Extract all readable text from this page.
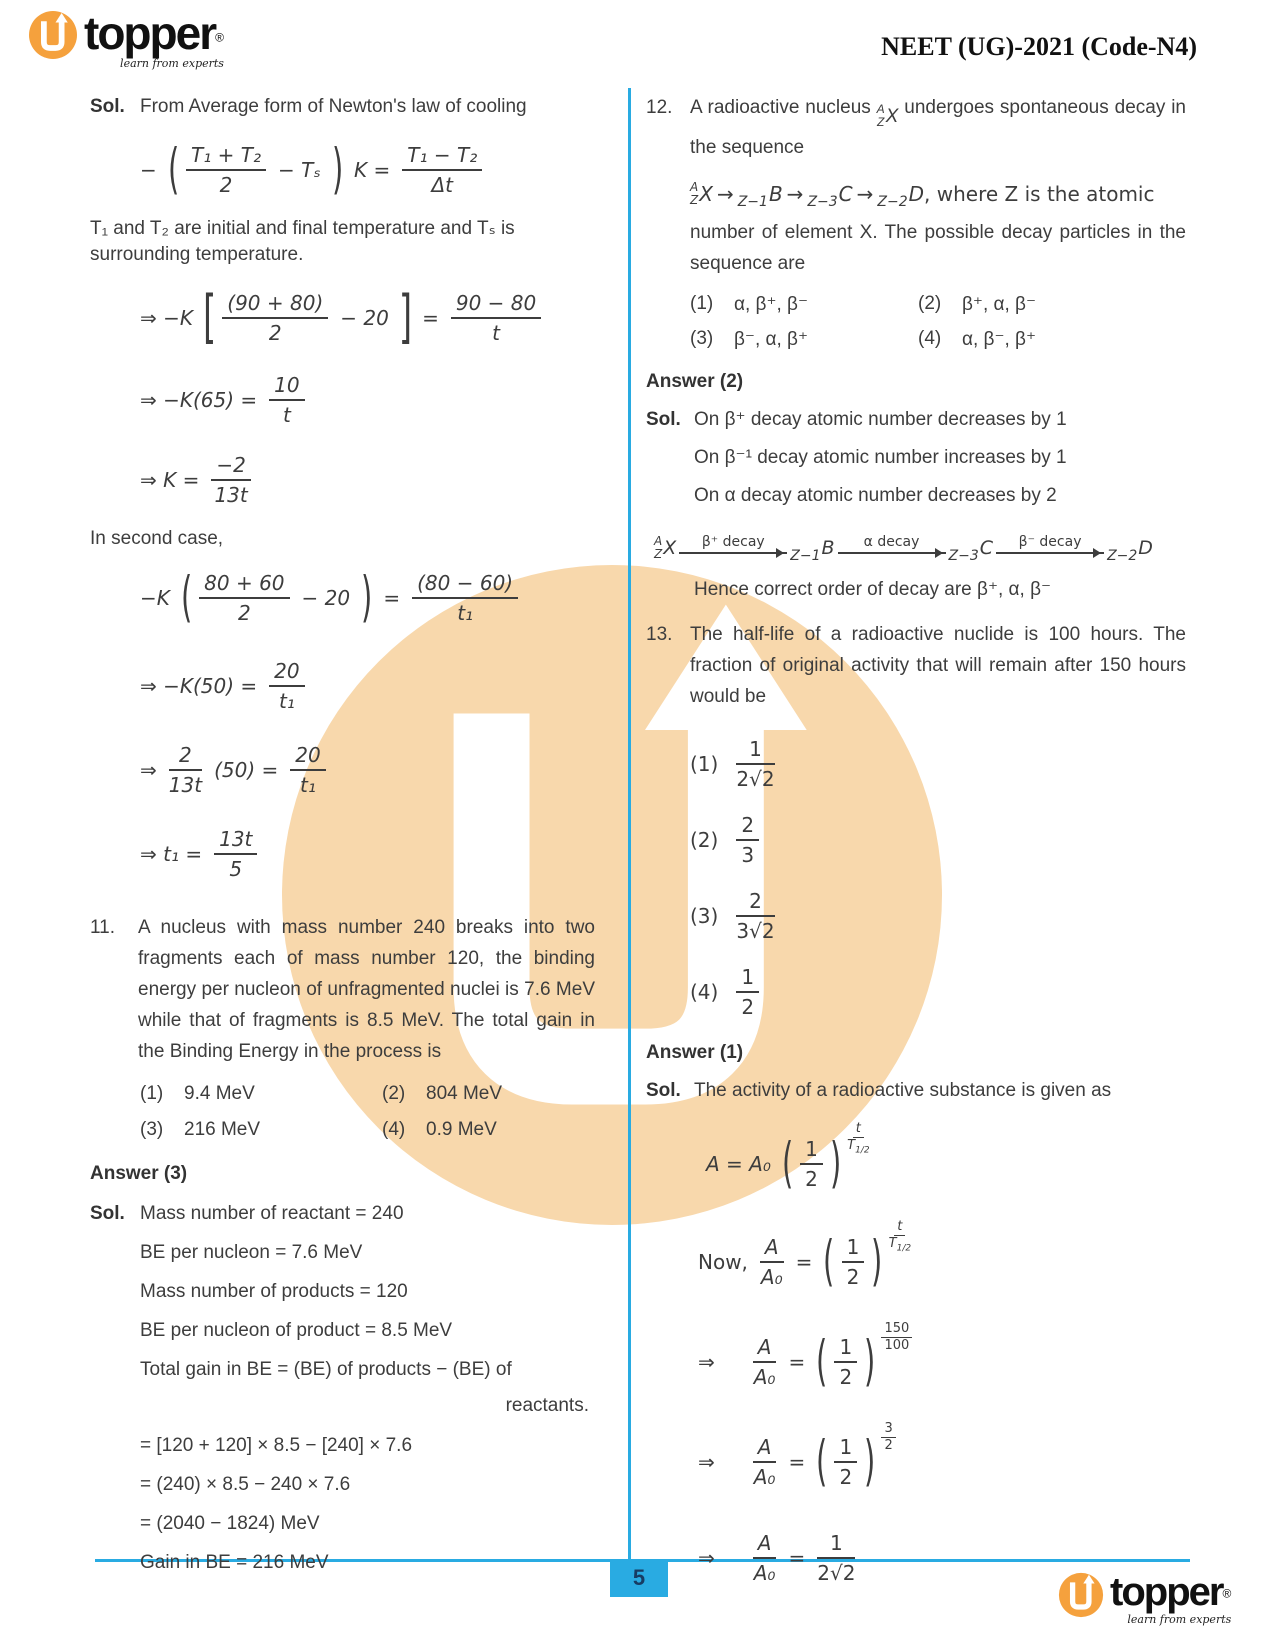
topper®
learn from experts
NEET (UG)-2021 (Code-N4)
5
Sol. From Average form of Newton's law of cooling
− ( $\frac{\text{T₁ + T₂}}{2} - T_s$ ) $K = \frac{\text{T₁ − T₂}}{\Delta t}$
T₁ and T₂ are initial and final temperature and Tₛ is surrounding temperature.
⇒ −K [ $\frac{(90 + 80)}{2} - 20$ ] = $\frac{90 - 80}{t}$
⇒ $-K(65) = \frac{10}{t}$
⇒ $K = \frac{-2}{13t}$
In second case,
−K ( $\frac{80 + 60}{2} - 20$ ) = $\frac{(80 - 60)}{\text{t₁}}$
⇒ $-K(50) = \frac{20}{\text{t₁}}$
⇒ $\frac{2}{13t} (50) = \frac{20}{\text{t₁}}$
⇒ $t_1 = \frac{13t}{5}$
11.	A nucleus with mass number 240 breaks into two fragments each of mass number 120, the binding energy per nucleon of unfragmented nuclei is 7.6 MeV while that of fragments is 8.5 MeV. The total gain in the Binding Energy in the process is
(1)	9.4 MeV	(2)	804 MeV
(3)	216 MeV	(4)	0.9 MeV
Answer (3)
Sol. Mass number of reactant = 240
BE per nucleon = 7.6 MeV
Mass number of products = 120
BE per nucleon of product = 8.5 MeV
Total gain in BE = (BE) of products − (BE) of
reactants.
= [120 + 120] × 8.5 − [240] × 7.6
= (240) × 8.5 − 240 × 7.6
= (2040 − 1824) MeV
Gain in BE = 216 MeV
12. A radioactive nucleus A
Z X undergoes spontaneous decay in the sequence
A
Z X → Z−1 B → Z−3 C → Z−2 D , where Z is the atomic
number of element X. The possible decay particles in the sequence are
(1)	α, β⁺, β⁻	(2)	β⁺, α, β⁻
(3)	β⁻, α, β⁺	(4)	α, β⁻, β⁺
Answer (2)
Sol. On β⁺ decay atomic number decreases by 1
On β⁻¹ decay atomic number increases by 1
On α decay atomic number decreases by 2
A
Z X β⁺ decay
Z−1 B α decay
Z−3 C β⁻ decay
Z−2 D
Hence correct order of decay are β⁺, α, β⁻
13. The half-life of a radioactive nuclide is 100 hours. The fraction of original activity that will remain after 150 hours would be
$(1) \frac{1}{2√2}$
$(2) \frac{2}{3}$
$(3) \frac{2}{3√2}$
$(4) \frac{1}{2}$
Answer (1)
Sol. The activity of a radioactive substance is given as
A = A₀ ( $\frac{1}{2}$ ) $\frac{t}{T_{1/2}}$
Now, $\frac{A}{\text{A₀}}$ = ( $\frac{1}{2}$ ) $\frac{t}{T_{1/2}}$
⇒ $\frac{A}{\text{A₀}}$ = ( $\frac{1}{2}$ ) $\frac{150}{100}$
⇒ $\frac{A}{\text{A₀}}$ = ( $\frac{1}{2}$ ) $\frac{3}{2}$
⇒ $\frac{A}{\text{A₀}} = \frac{1}{2√2}$
topper®
learn from experts
